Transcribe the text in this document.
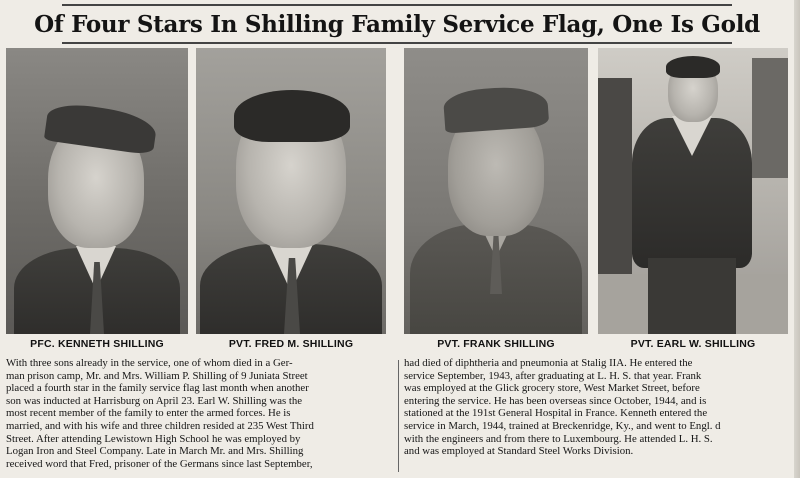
Of Four Stars In Shilling Family Service Flag, One Is Gold
PFC. KENNETH SHILLING	PVT. FRED M. SHILLING	PVT. FRANK SHILLING	PVT. EARL W. SHILLING
With three sons already in the service, one of whom died in a Ger-
man prison camp, Mr. and Mrs. William P. Shilling of 9 Juniata Street
placed a fourth star in the family service flag last month when another
son was inducted at Harrisburg on April 23. Earl W. Shilling was the
most recent member of the family to enter the armed forces. He is
married, and with his wife and three children resided at 235 West Third
Street. After attending Lewistown High School he was employed by
Logan Iron and Steel Company. Late in March Mr. and Mrs. Shilling
received word that Fred, prisoner of the Germans since last September,
had died of diphtheria and pneumonia at Stalig IIA. He entered the
service September, 1943, after graduating at L. H. S. that year. Frank
was employed at the Glick grocery store, West Market Street, before
entering the service. He has been overseas since October, 1944, and is
stationed at the 191st General Hospital in France. Kenneth entered the
service in March, 1944, trained at Breckenridge, Ky., and went to Engl. d
with the engineers and from there to Luxembourg. He attended L. H. S.
and was employed at Standard Steel Works Division.
